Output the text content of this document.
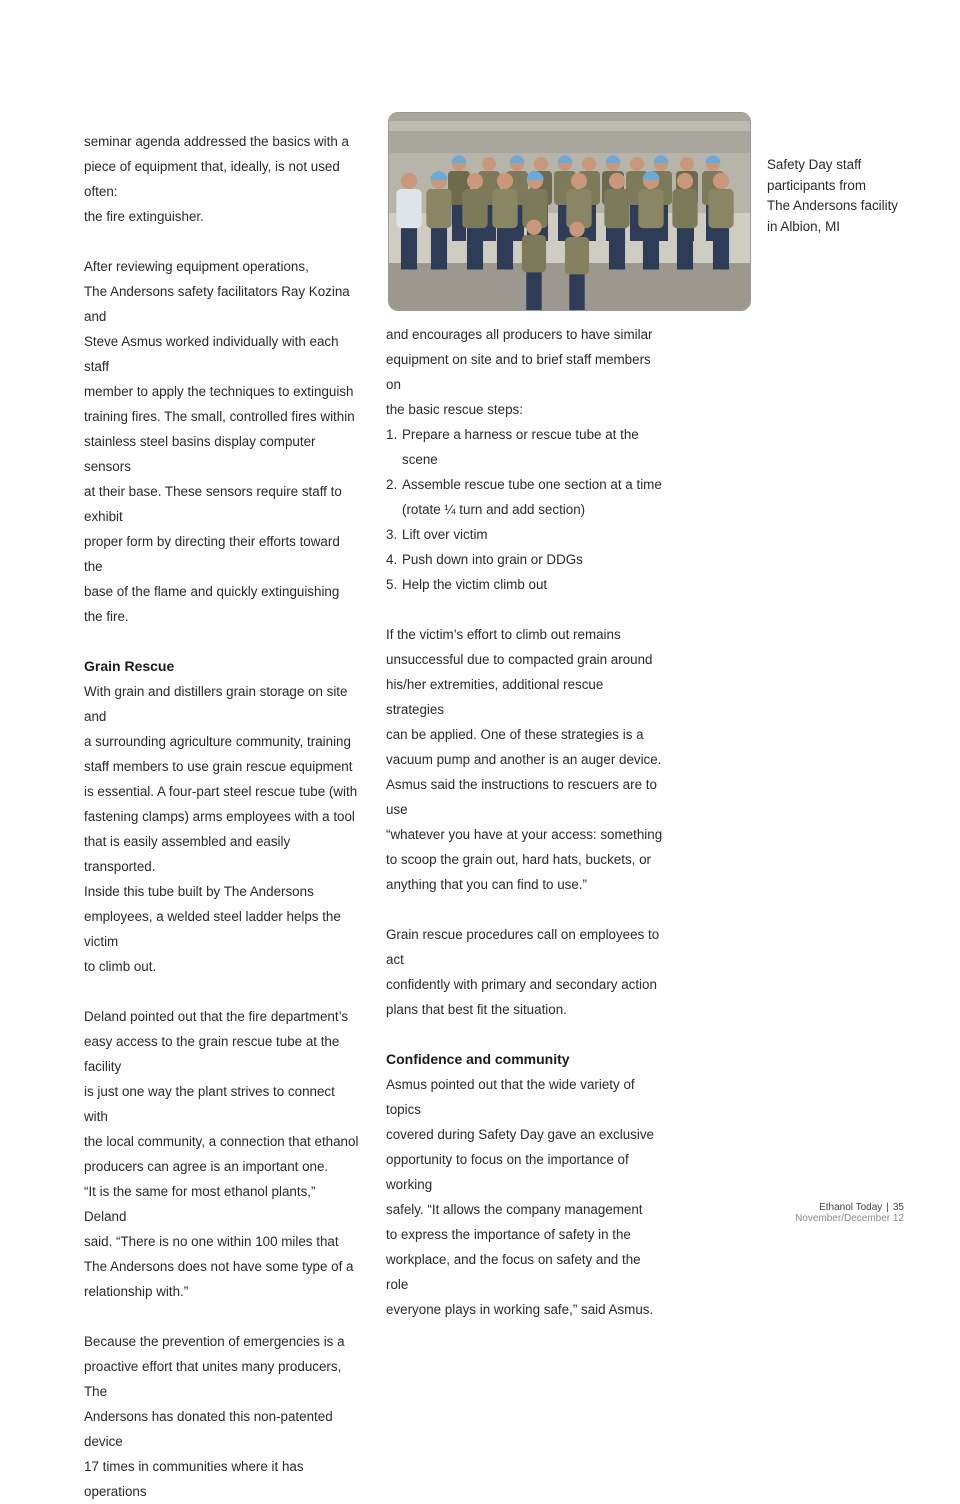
seminar agenda addressed the basics with a
piece of equipment that, ideally, is not used often:
the fire extinguisher.

After reviewing equipment operations,
The Andersons safety facilitators Ray Kozina and
Steve Asmus worked individually with each staff
member to apply the techniques to extinguish
training fires. The small, controlled fires within
stainless steel basins display computer sensors
at their base. These sensors require staff to exhibit
proper form by directing their efforts toward the
base of the flame and quickly extinguishing
the fire.

Grain Rescue

With grain and distillers grain storage on site and
a surrounding agriculture community, training
staff members to use grain rescue equipment
is essential. A four-part steel rescue tube (with
fastening clamps) arms employees with a tool
that is easily assembled and easily transported.
Inside this tube built by The Andersons
employees, a welded steel ladder helps the victim
to climb out.

Deland pointed out that the fire department’s
easy access to the grain rescue tube at the facility
is just one way the plant strives to connect with
the local community, a connection that ethanol
producers can agree is an important one.
“It is the same for most ethanol plants,” Deland
said. “There is no one within 100 miles that
The Andersons does not have some type of a
relationship with.”

Because the prevention of emergencies is a
proactive effort that unites many producers, The
Andersons has donated this non-patented device
17 times in communities where it has operations

Safety Day staff
participants from
The Andersons facility
in Albion, MI

and encourages all producers to have similar
equipment on site and to brief staff members on
the basic rescue steps:

1. Prepare a harness or rescue tube at the scene
2. Assemble rescue tube one section at a time
(rotate ¼ turn and add section)
3. Lift over victim
4. Push down into grain or DDGs
5. Help the victim climb out

If the victim’s effort to climb out remains
unsuccessful due to compacted grain around
his/her extremities, additional rescue strategies
can be applied. One of these strategies is a
vacuum pump and another is an auger device.
Asmus said the instructions to rescuers are to use
“whatever you have at your access: something
to scoop the grain out, hard hats, buckets, or
anything that you can find to use.”

Grain rescue procedures call on employees to act
confidently with primary and secondary action
plans that best fit the situation.

Confidence and community

Asmus pointed out that the wide variety of topics
covered during Safety Day gave an exclusive
opportunity to focus on the importance of working
safely. “It allows the company management
to express the importance of safety in the
workplace, and the focus on safety and the role
everyone plays in working safe,” said Asmus.

Ethanol Today | 35
November/December 12
